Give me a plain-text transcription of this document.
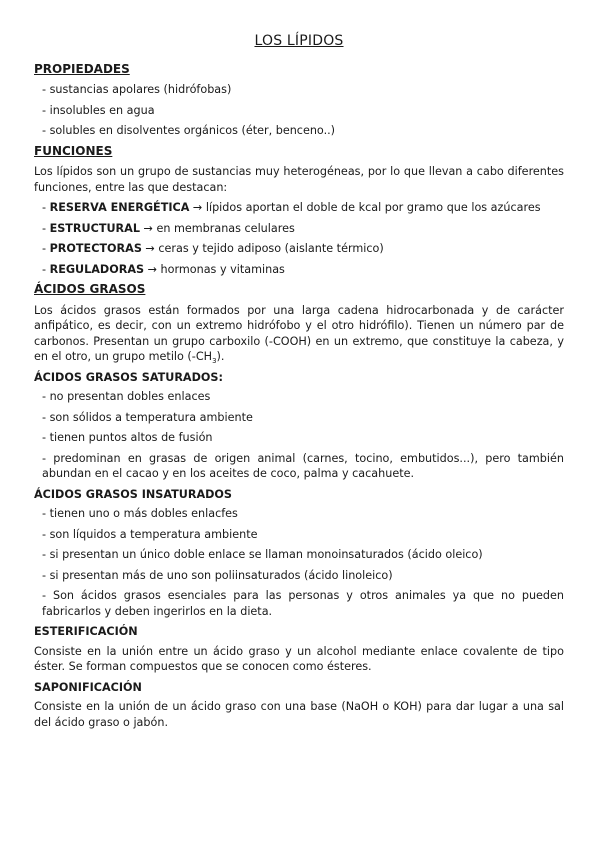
LOS LÍPIDOS
PROPIEDADES
- sustancias apolares (hidrófobas)
- insolubles en agua
- solubles en disolventes orgánicos (éter, benceno..)
FUNCIONES

Los lípidos son un grupo de sustancias muy heterogéneas, por lo que llevan a cabo diferentes funciones, entre las que destacan:

- RESERVA ENERGÉTICA → lípidos aportan el doble de kcal por gramo que los azúcares
- ESTRUCTURAL → en membranas celulares
- PROTECTORAS → ceras y tejido adiposo (aislante térmico)
- REGULADORAS → hormonas y vitaminas
ÁCIDOS GRASOS

Los ácidos grasos están formados por una larga cadena hidrocarbonada y de carácter anfipático, es decir, con un extremo hidrófobo y el otro hidrófilo). Tienen un número par de carbonos. Presentan un grupo carboxilo (-COOH) en un extremo, que constituye la cabeza, y en el otro, un grupo metilo $(-CH_3)$.

ÁCIDOS GRASOS SATURADOS:
- no presentan dobles enlaces
- son sólidos a temperatura ambiente
- tienen puntos altos de fusión
- predominan en grasas de origen animal (carnes, tocino, embutidos...), pero también abundan en el cacao y en los aceites de coco, palma y cacahuete.
ÁCIDOS GRASOS INSATURADOS
- tienen uno o más dobles enlacfes
- son líquidos a temperatura ambiente
- si presentan un único doble enlace se llaman monoinsaturados (ácido oleico)
- si presentan más de uno son poliinsaturados (ácido linoleico)
- Son ácidos grasos esenciales para las personas y otros animales ya que no pueden fabricarlos y deben ingerirlos en la dieta.
ESTERIFICACIÓN

Consiste en la unión entre un ácido graso y un alcohol mediante enlace covalente de tipo éster. Se forman compuestos que se conocen como ésteres.

SAPONIFICACIÓN

Consiste en la unión de un ácido graso con una base (NaOH o KOH) para dar lugar a una sal del ácido graso o jabón.
